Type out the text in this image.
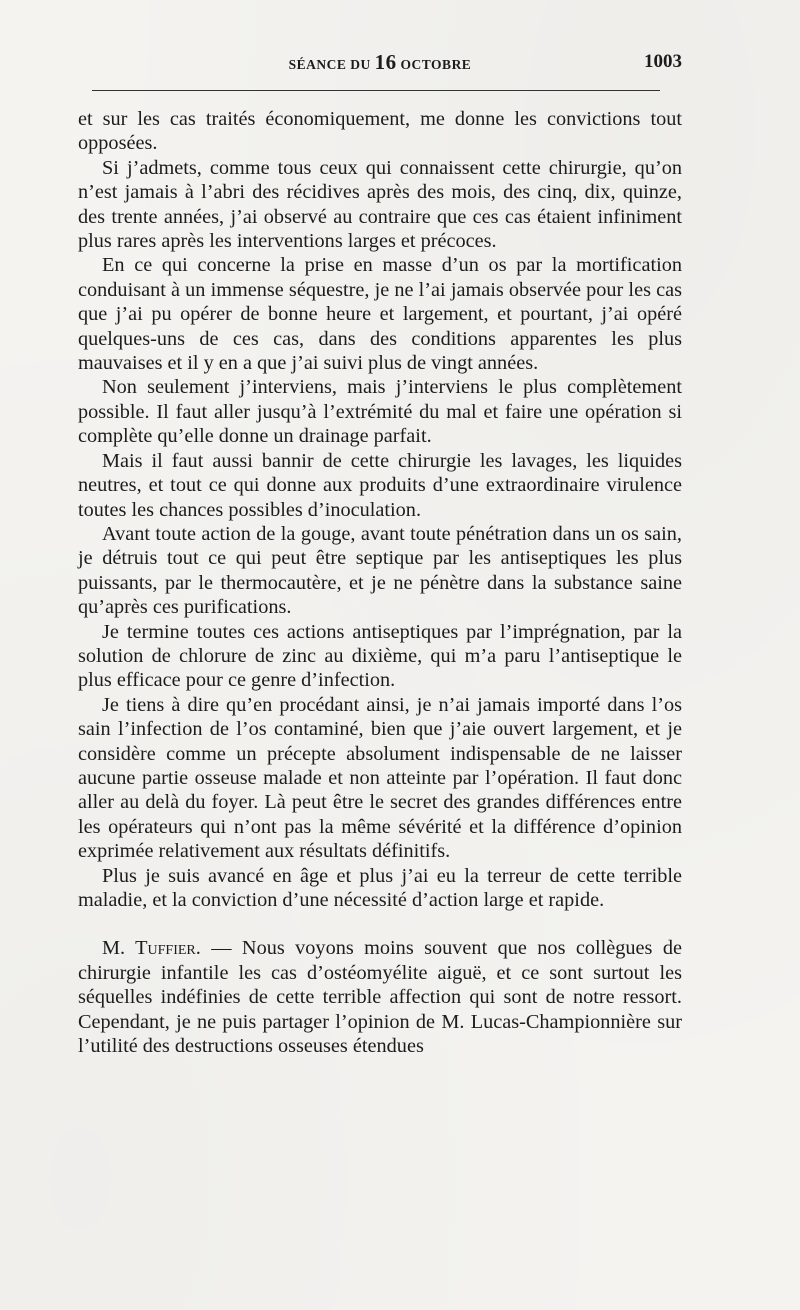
SÉANCE DU 16 OCTOBRE	1003

et sur les cas traités économiquement, me donne les convictions tout opposées.

Si j’admets, comme tous ceux qui connaissent cette chirurgie, qu’on n’est jamais à l’abri des récidives après des mois, des cinq, dix, quinze, des trente années, j’ai observé au contraire que ces cas étaient infiniment plus rares après les interventions larges et précoces.

En ce qui concerne la prise en masse d’un os par la mortification conduisant à un immense séquestre, je ne l’ai jamais observée pour les cas que j’ai pu opérer de bonne heure et largement, et pourtant, j’ai opéré quelques-uns de ces cas, dans des conditions apparentes les plus mauvaises et il y en a que j’ai suivi plus de vingt années.

Non seulement j’interviens, mais j’interviens le plus complètement possible. Il faut aller jusqu’à l’extrémité du mal et faire une opération si complète qu’elle donne un drainage parfait.

Mais il faut aussi bannir de cette chirurgie les lavages, les liquides neutres, et tout ce qui donne aux produits d’une extraordinaire virulence toutes les chances possibles d’inoculation.

Avant toute action de la gouge, avant toute pénétration dans un os sain, je détruis tout ce qui peut être septique par les antiseptiques les plus puissants, par le thermocautère, et je ne pénètre dans la substance saine qu’après ces purifications.

Je termine toutes ces actions antiseptiques par l’imprégnation, par la solution de chlorure de zinc au dixième, qui m’a paru l’antiseptique le plus efficace pour ce genre d’infection.

Je tiens à dire qu’en procédant ainsi, je n’ai jamais importé dans l’os sain l’infection de l’os contaminé, bien que j’aie ouvert largement, et je considère comme un précepte absolument indispensable de ne laisser aucune partie osseuse malade et non atteinte par l’opération. Il faut donc aller au delà du foyer. Là peut être le secret des grandes différences entre les opérateurs qui n’ont pas la même sévérité et la différence d’opinion exprimée relativement aux résultats définitifs.

Plus je suis avancé en âge et plus j’ai eu la terreur de cette terrible maladie, et la conviction d’une nécessité d’action large et rapide.

M. Tuffier. — Nous voyons moins souvent que nos collègues de chirurgie infantile les cas d’ostéomyélite aiguë, et ce sont surtout les séquelles indéfinies de cette terrible affection qui sont de notre ressort. Cependant, je ne puis partager l’opinion de M. Lucas-Championnière sur l’utilité des destructions osseuses étendues
